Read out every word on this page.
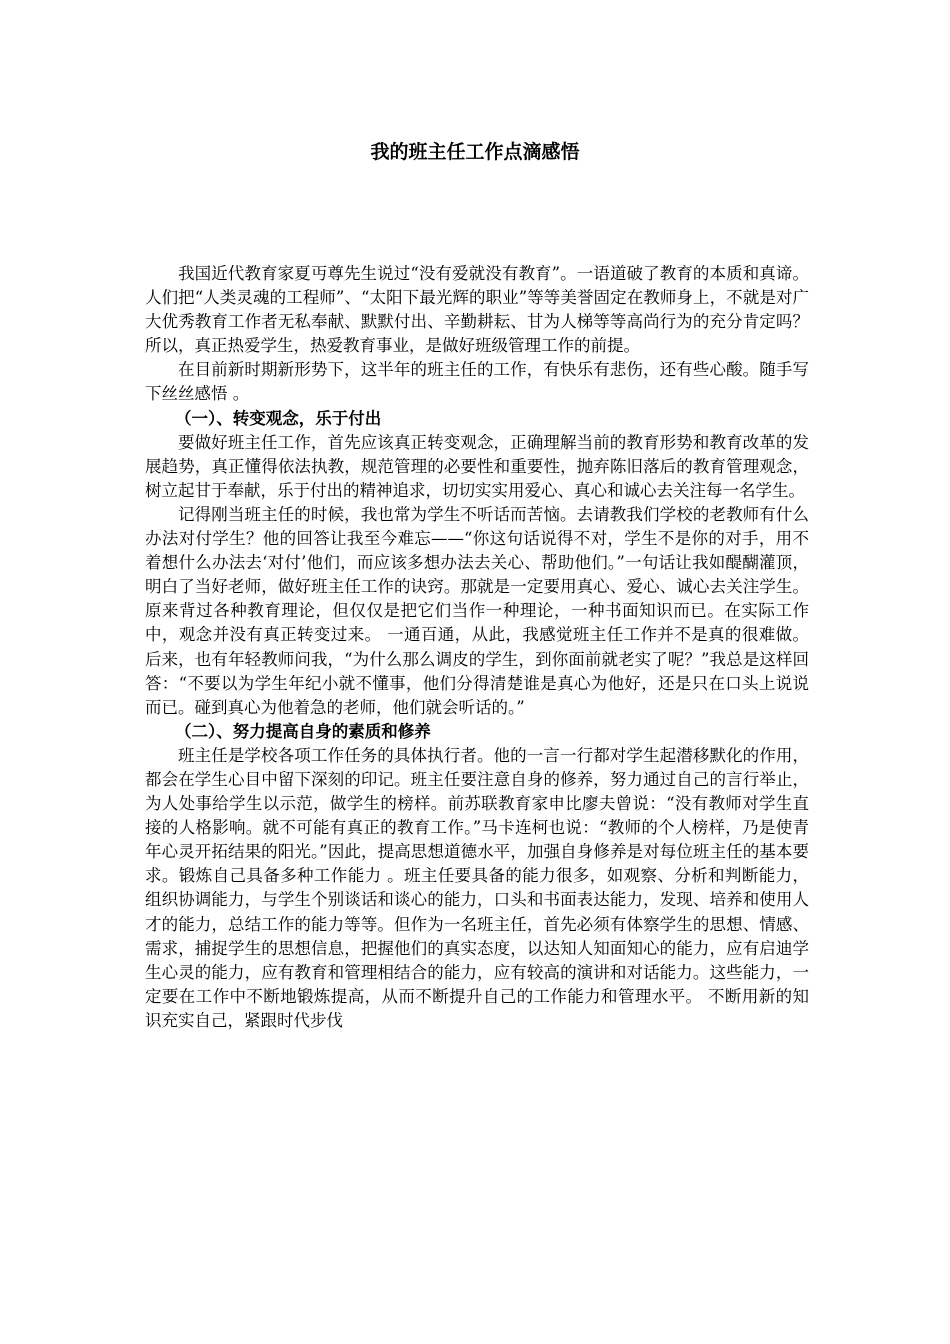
我的班主任工作点滴感悟

我国近代教育家夏丏尊先生说过“没有爱就没有教育”。一语道破了教育的本质和真谛。人们把“人类灵魂的工程师”、“太阳下最光辉的职业”等等美誉固定在教师身上，不就是对广大优秀教育工作者无私奉献、默默付出、辛勤耕耘、甘为人梯等等高尚行为的充分肯定吗？ 所以，真正热爱学生，热爱教育事业，是做好班级管理工作的前提。

在目前新时期新形势下，这半年的班主任的工作，有快乐有悲伤，还有些心酸。随手写下丝丝感悟 。

（一）、转变观念，乐于付出

要做好班主任工作，首先应该真正转变观念，正确理解当前的教育形势和教育改革的发展趋势，真正懂得依法执教，规范管理的必要性和重要性，抛弃陈旧落后的教育管理观念，树立起甘于奉献，乐于付出的精神追求，切切实实用爱心、真心和诚心去关注每一名学生。

记得刚当班主任的时候，我也常为学生不听话而苦恼。去请教我们学校的老教师有什么办法对付学生？他的回答让我至今难忘——“你这句话说得不对，学生不是你的对手，用不着想什么办法去‘对付’他们，而应该多想办法去关心、帮助他们。”一句话让我如醍醐灌顶，明白了当好老师，做好班主任工作的诀窍。那就是一定要用真心、爱心、诚心去关注学生。原来背过各种教育理论，但仅仅是把它们当作一种理论，一种书面知识而已。在实际工作中，观念并没有真正转变过来。 一通百通，从此，我感觉班主任工作并不是真的很难做。后来，也有年轻教师问我，“为什么那么调皮的学生，到你面前就老实了呢？”我总是这样回答：“不要以为学生年纪小就不懂事，他们分得清楚谁是真心为他好，还是只在口头上说说而已。碰到真心为他着急的老师，他们就会听话的。”

（二）、努力提高自身的素质和修养

班主任是学校各项工作任务的具体执行者。他的一言一行都对学生起潜移默化的作用，都会在学生心目中留下深刻的印记。班主任要注意自身的修养，努力通过自己的言行举止，为人处事给学生以示范，做学生的榜样。前苏联教育家申比廖夫曾说：“没有教师对学生直接的人格影响。就不可能有真正的教育工作。”马卡连柯也说：“教师的个人榜样，乃是使青年心灵开拓结果的阳光。”因此，提高思想道德水平，加强自身修养是对每位班主任的基本要求。锻炼自己具备多种工作能力 。班主任要具备的能力很多，如观察、分析和判断能力，组织协调能力，与学生个别谈话和谈心的能力，口头和书面表达能力，发现、培养和使用人才的能力，总结工作的能力等等。但作为一名班主任，首先必须有体察学生的思想、情感、需求，捕捉学生的思想信息，把握他们的真实态度，以达知人知面知心的能力，应有启迪学生心灵的能力，应有教育和管理相结合的能力，应有较高的演讲和对话能力。这些能力，一定要在工作中不断地锻炼提高，从而不断提升自己的工作能力和管理水平。 不断用新的知识充实自己，紧跟时代步伐
